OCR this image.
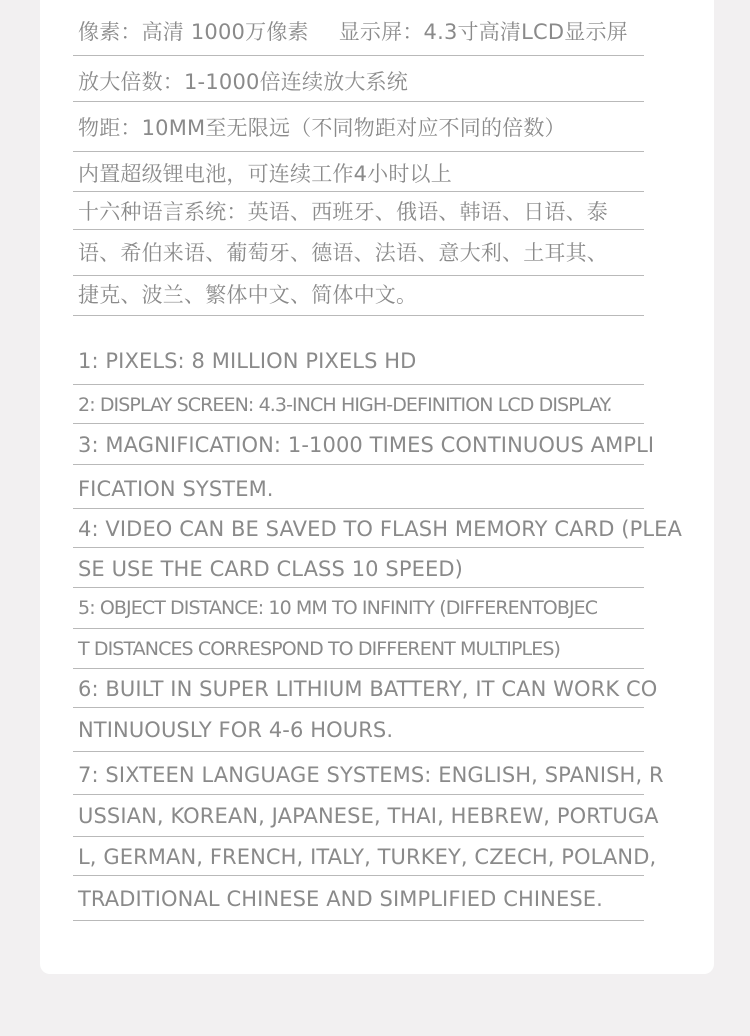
像素：高清 1000万像素 显示屏：4.3寸高清LCD显示屏
放大倍数：1-1000倍连续放大系统
物距：10MM至无限远（不同物距对应不同的倍数）
内置超级锂电池，可连续工作4小时以上
十六种语言系统：英语、西班牙、俄语、韩语、日语、泰
语、希伯来语、葡萄牙、德语、法语、意大利、土耳其、
捷克、波兰、繁体中文、简体中文。
1: PIXELS: 8 MILLION PIXELS HD
2: DISPLAY SCREEN: 4.3-INCH HIGH-DEFINITION LCD DISPLAY.
3: MAGNIFICATION: 1-1000 TIMES CONTINUOUS AMPLI
FICATION SYSTEM.
4: VIDEO CAN BE SAVED TO FLASH MEMORY CARD (PLEA
SE USE THE CARD CLASS 10 SPEED)
5: OBJECT DISTANCE: 10 MM TO INFINITY (DIFFERENTOBJEC
T DISTANCES CORRESPOND TO DIFFERENT MULTIPLES)
6: BUILT IN SUPER LITHIUM BATTERY, IT CAN WORK CO
NTINUOUSLY FOR 4-6 HOURS.
7: SIXTEEN LANGUAGE SYSTEMS: ENGLISH, SPANISH, R
USSIAN, KOREAN, JAPANESE, THAI, HEBREW, PORTUGA
L, GERMAN, FRENCH, ITALY, TURKEY, CZECH, POLAND,
TRADITIONAL CHINESE AND SIMPLIFIED CHINESE.
